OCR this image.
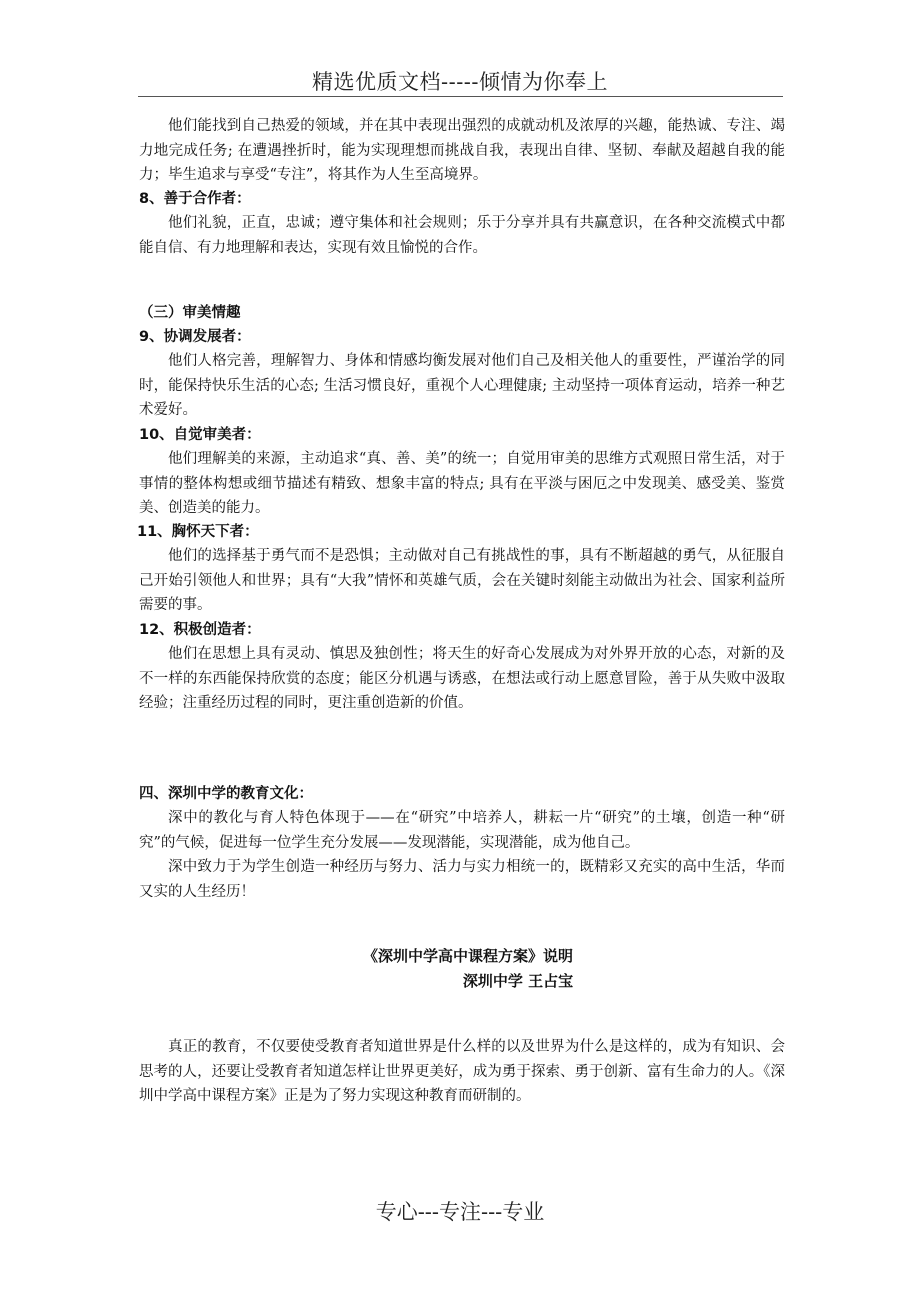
精选优质文档-----倾情为你奉上

他们能找到自己热爱的领域，并在其中表现出强烈的成就动机及浓厚的兴趣，能热诚、专注、竭力地完成任务; 在遭遇挫折时，能为实现理想而挑战自我，表现出自律、坚韧、奉献及超越自我的能力；毕生追求与享受“专注”，将其作为人生至高境界。

8、善于合作者：

他们礼貌，正直，忠诚；遵守集体和社会规则；乐于分享并具有共赢意识，在各种交流模式中都能自信、有力地理解和表达，实现有效且愉悦的合作。

（三）审美情趣

9、协调发展者：

他们人格完善，理解智力、身体和情感均衡发展对他们自己及相关他人的重要性，严谨治学的同时，能保持快乐生活的心态; 生活习惯良好，重视个人心理健康; 主动坚持一项体育运动，培养一种艺术爱好。

10、自觉审美者：

他们理解美的来源，主动追求“真、善、美”的统一；自觉用审美的思维方式观照日常生活，对于事情的整体构想或细节描述有精致、想象丰富的特点; 具有在平淡与困厄之中发现美、感受美、鉴赏美、创造美的能力。

11、胸怀天下者：

他们的选择基于勇气而不是恐惧；主动做对自己有挑战性的事，具有不断超越的勇气，从征服自己开始引领他人和世界；具有“大我”情怀和英雄气质，会在关键时刻能主动做出为社会、国家利益所需要的事。

12、积极创造者：

他们在思想上具有灵动、慎思及独创性；将天生的好奇心发展成为对外界开放的心态，对新的及不一样的东西能保持欣赏的态度；能区分机遇与诱惑，在想法或行动上愿意冒险，善于从失败中汲取经验；注重经历过程的同时，更注重创造新的价值。

四、深圳中学的教育文化：

深中的教化与育人特色体现于——在“研究”中培养人，耕耘一片“研究”的土壤，创造一种“研究”的气候，促进每一位学生充分发展——发现潜能，实现潜能，成为他自己。

深中致力于为学生创造一种经历与努力、活力与实力相统一的，既精彩又充实的高中生活，华而又实的人生经历！

《深圳中学高中课程方案》说明
深圳中学 王占宝

真正的教育，不仅要使受教育者知道世界是什么样的以及世界为什么是这样的，成为有知识、会思考的人，还要让受教育者知道怎样让世界更美好，成为勇于探索、勇于创新、富有生命力的人。《深圳中学高中课程方案》正是为了努力实现这种教育而研制的。

专心---专注---专业
